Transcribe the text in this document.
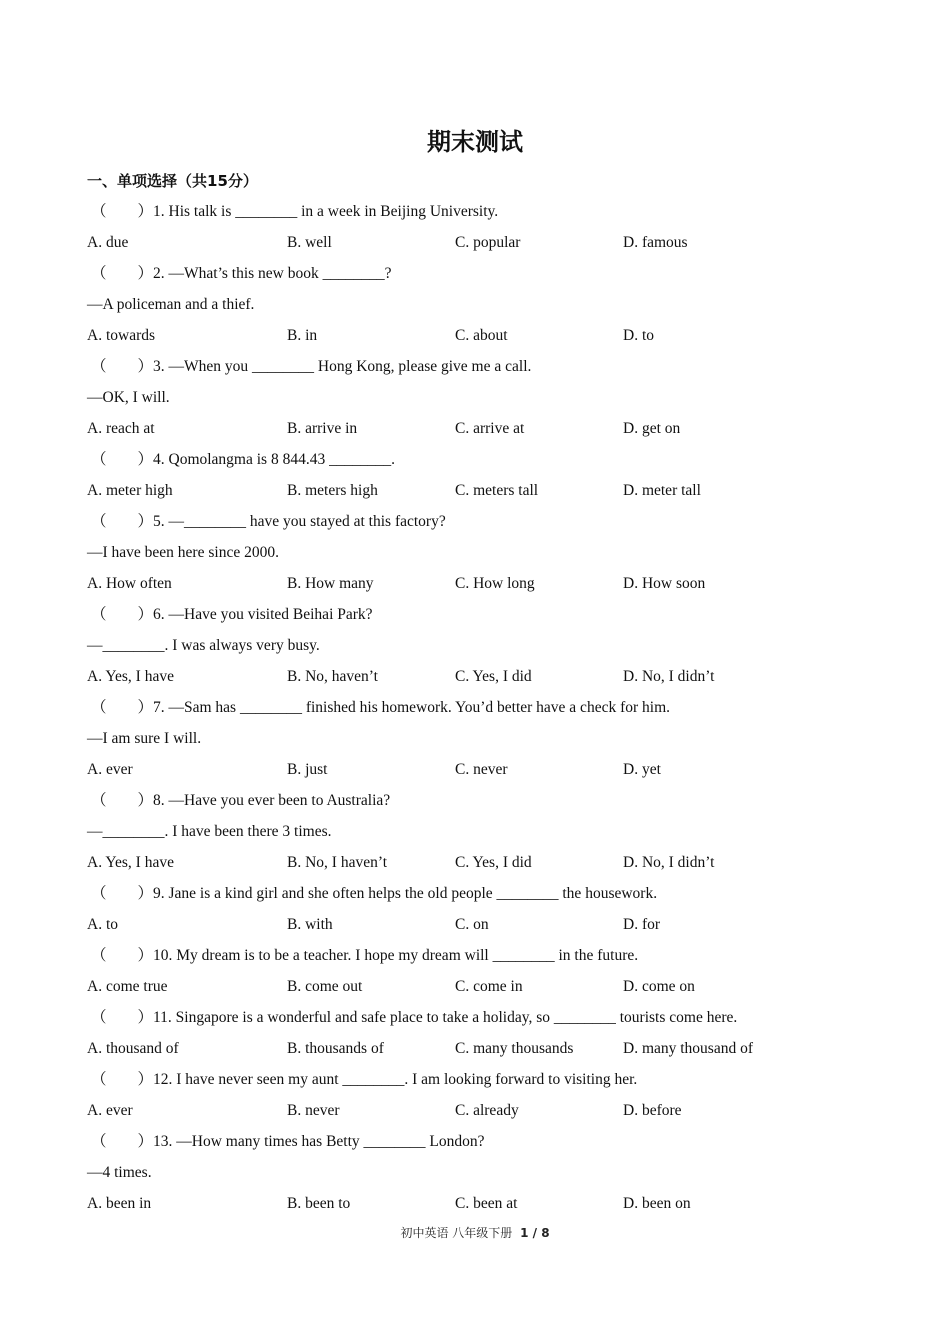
期末测试
一、单项选择（共15分）
（　　）1. His talk is ________ in a week in Beijing University.
A. due	B. well	C. popular	D. famous
（　　）2. —What’s this new book ________?
—A policeman and a thief.
A. towards	B. in	C. about	D. to
（　　）3. —When you ________ Hong Kong, please give me a call.
—OK, I will.
A. reach at	B. arrive in	C. arrive at	D. get on
（　　）4. Qomolangma is 8 844.43 ________.
A. meter high	B. meters high	C. meters tall	D. meter tall
（　　）5. —________ have you stayed at this factory?
—I have been here since 2000.
A. How often	B. How many	C. How long	D. How soon
（　　）6. —Have you visited Beihai Park?
—________. I was always very busy.
A. Yes, I have	B. No, haven’t	C. Yes, I did	D. No, I didn’t
（　　）7. —Sam has ________ finished his homework. You’d better have a check for him.
—I am sure I will.
A. ever	B. just	C. never	D. yet
（　　）8. —Have you ever been to Australia?
—________. I have been there 3 times.
A. Yes, I have	B. No, I haven’t	C. Yes, I did	D. No, I didn’t
（　　）9. Jane is a kind girl and she often helps the old people ________ the housework.
A. to	B. with	C. on	D. for
（　　）10. My dream is to be a teacher. I hope my dream will ________ in the future.
A. come true	B. come out	C. come in	D. come on
（　　）11. Singapore is a wonderful and safe place to take a holiday, so ________ tourists come here.
A. thousand of	B. thousands of	C. many thousands	D. many thousand of
（　　）12. I have never seen my aunt ________. I am looking forward to visiting her.
A. ever	B. never	C. already	D. before
（　　）13. —How many times has Betty ________ London?
—4 times.
A. been in	B. been to	C. been at	D. been on
初中英语 八年级下册 1 / 8
